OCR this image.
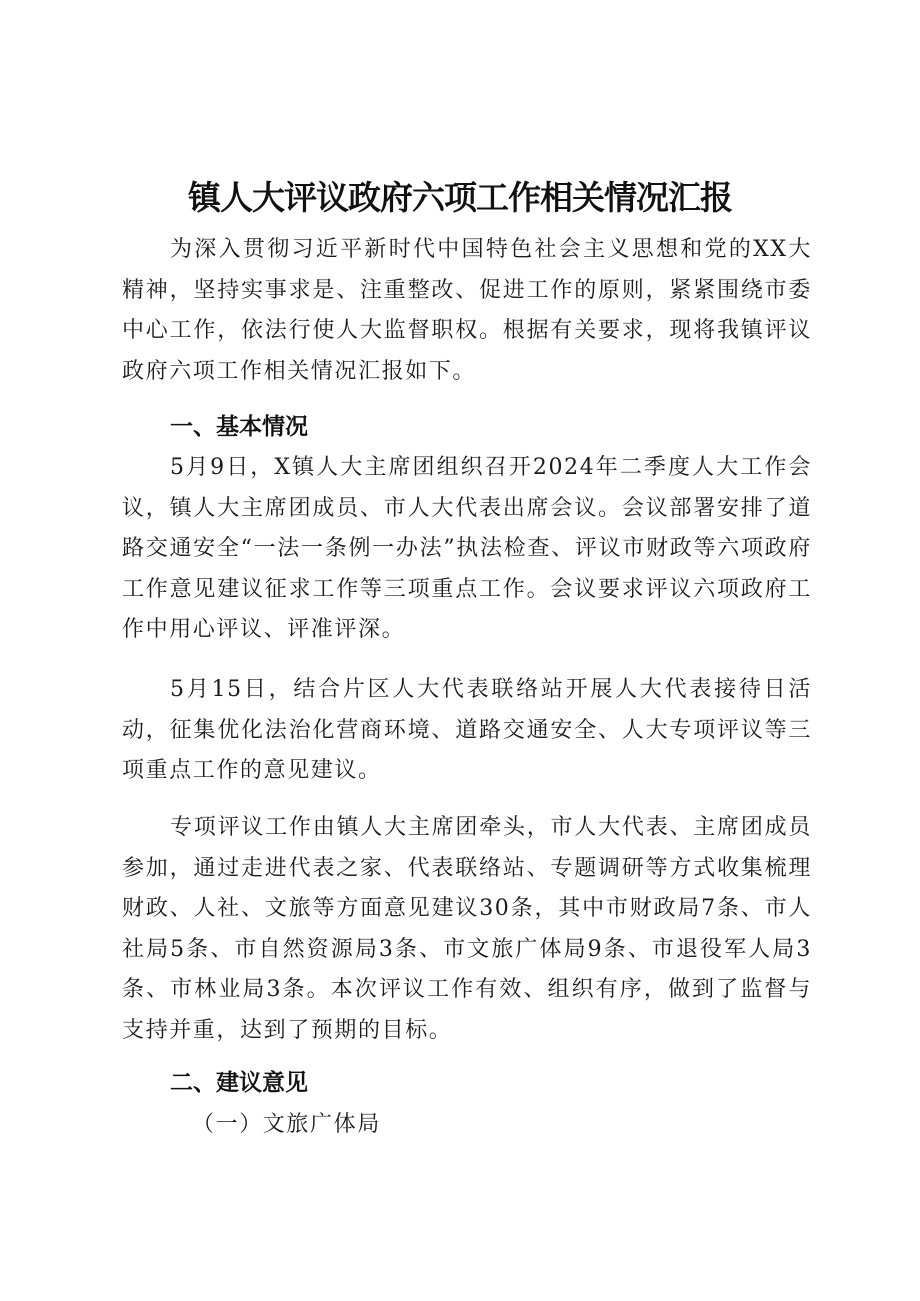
镇人大评议政府六项工作相关情况汇报

为深入贯彻习近平新时代中国特色社会主义思想和党的XX大精神，坚持实事求是、注重整改、促进工作的原则，紧紧围绕市委中心工作，依法行使人大监督职权。根据有关要求，现将我镇评议政府六项工作相关情况汇报如下。

一、基本情况

5月9日，X镇人大主席团组织召开2024年二季度人大工作会议，镇人大主席团成员、市人大代表出席会议。会议部署安排了道路交通安全“一法一条例一办法”执法检查、评议市财政等六项政府工作意见建议征求工作等三项重点工作。会议要求评议六项政府工作中用心评议、评准评深。

5月15日，结合片区人大代表联络站开展人大代表接待日活动，征集优化法治化营商环境、道路交通安全、人大专项评议等三项重点工作的意见建议。

专项评议工作由镇人大主席团牵头，市人大代表、主席团成员参加，通过走进代表之家、代表联络站、专题调研等方式收集梳理财政、人社、文旅等方面意见建议30条，其中市财政局7条、市人社局5条、市自然资源局3条、市文旅广体局9条、市退役军人局3条、市林业局3条。本次评议工作有效、组织有序，做到了监督与支持并重，达到了预期的目标。

二、建议意见

（一）文旅广体局
